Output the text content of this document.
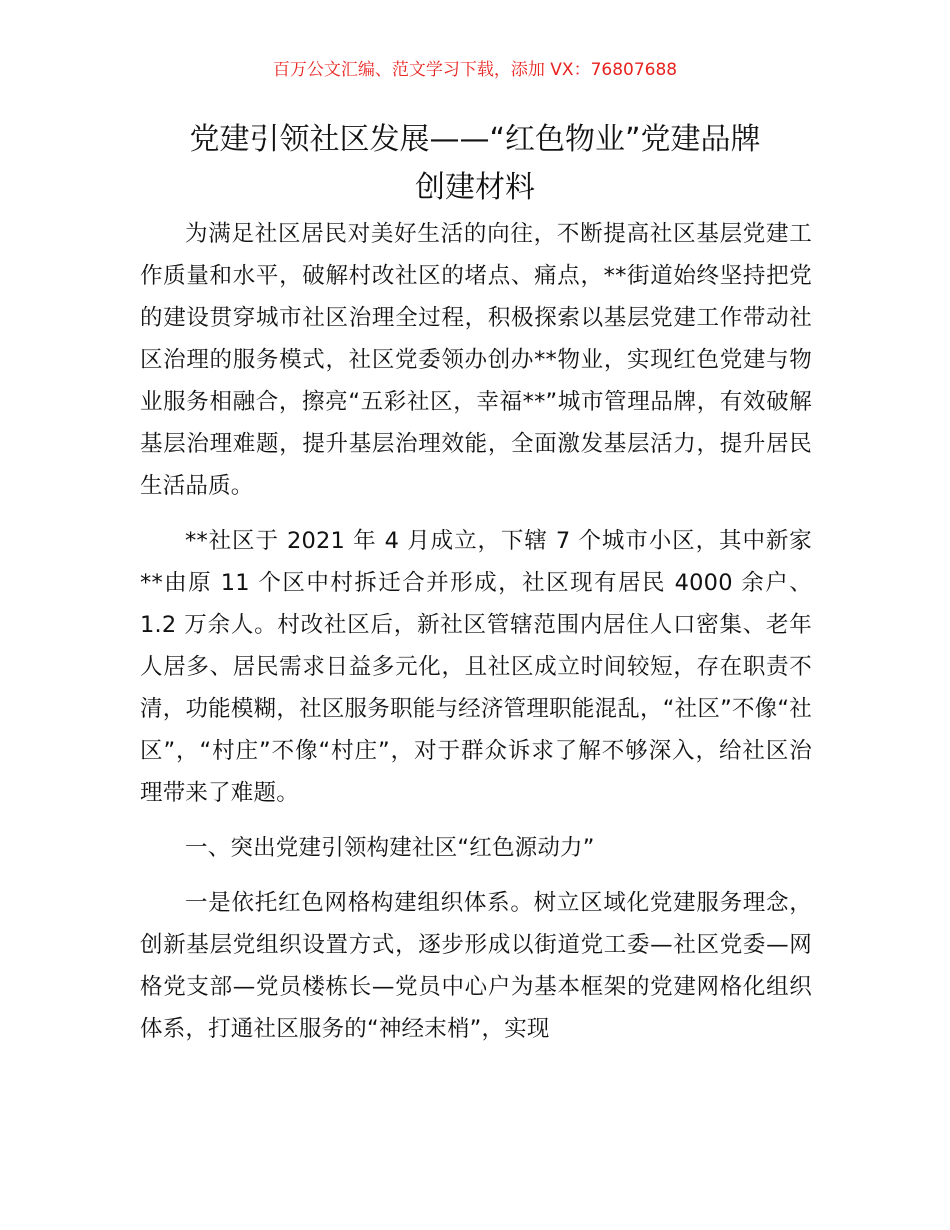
百万公文汇编、范文学习下载，添加 VX：76807688
党建引领社区发展——“红色物业”党建品牌
创建材料

为满足社区居民对美好生活的向往，不断提高社区基层党建工作质量和水平，破解村改社区的堵点、痛点，**街道始终坚持把党的建设贯穿城市社区治理全过程，积极探索以基层党建工作带动社区治理的服务模式，社区党委领办创办**物业，实现红色党建与物业服务相融合，擦亮“五彩社区，幸福**”城市管理品牌，有效破解基层治理难题，提升基层治理效能，全面激发基层活力，提升居民生活品质。

**社区于 2021 年 4 月成立，下辖 7 个城市小区，其中新家**由原 11 个区中村拆迁合并形成，社区现有居民 4000 余户、1.2 万余人。村改社区后，新社区管辖范围内居住人口密集、老年人居多、居民需求日益多元化，且社区成立时间较短，存在职责不清，功能模糊，社区服务职能与经济管理职能混乱，“社区”不像“社区”，“村庄”不像“村庄”，对于群众诉求了解不够深入，给社区治理带来了难题。

一、突出党建引领构建社区“红色源动力”

一是依托红色网格构建组织体系。树立区域化党建服务理念，创新基层党组织设置方式，逐步形成以街道党工委—社区党委—网格党支部—党员楼栋长—党员中心户为基本框架的党建网格化组织体系，打通社区服务的“神经末梢”，实现
